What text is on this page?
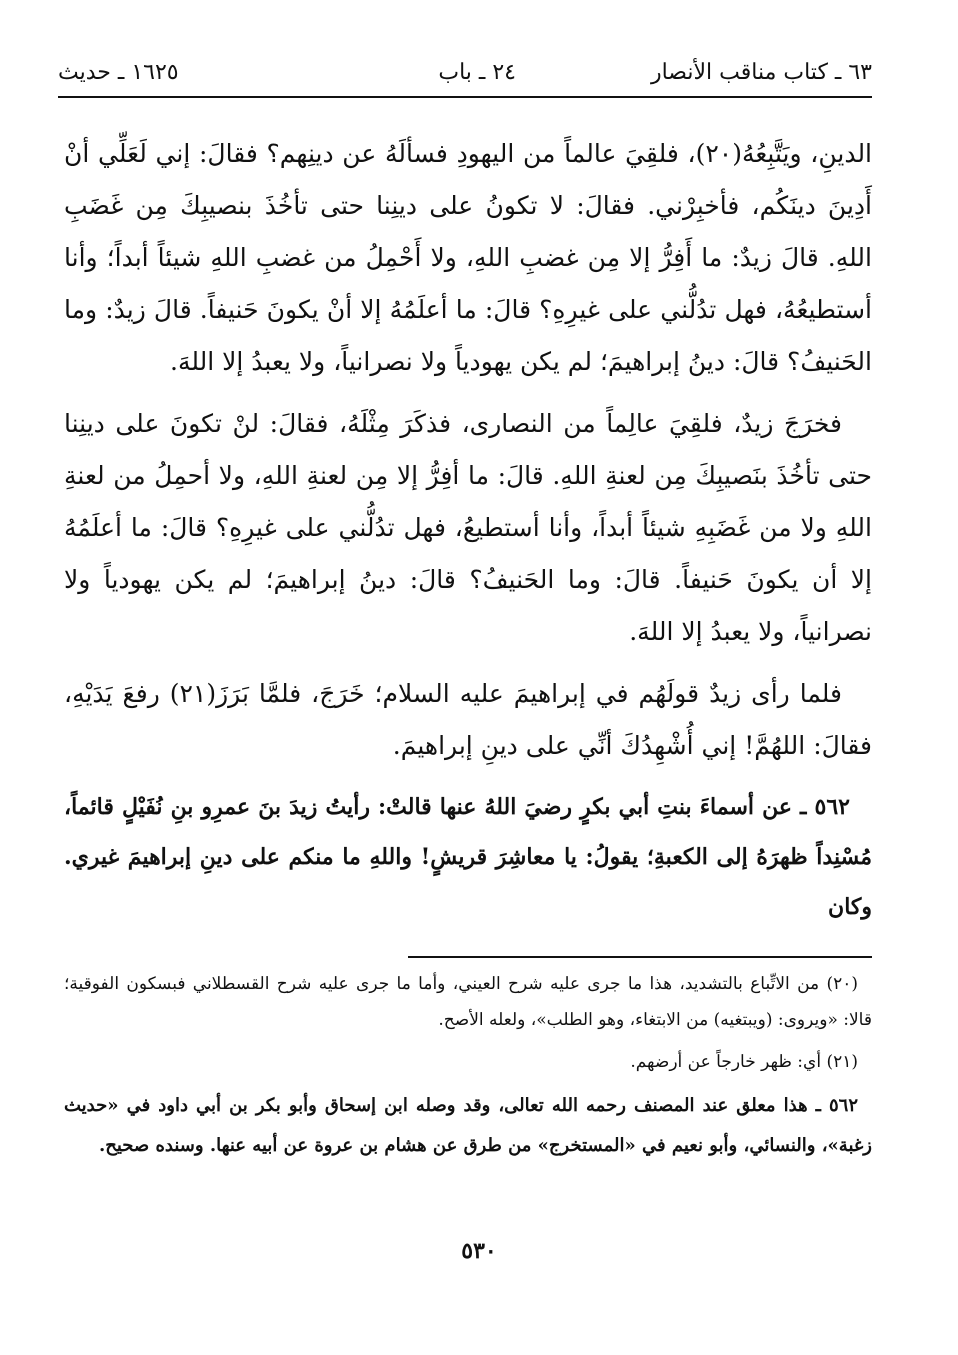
٦٣ ـ كتاب مناقب الأنصار
٢٤ ـ باب
١٦٢٥ ـ حديث

الدينِ، ويَتَّبِعُهُ(٢٠)، فلقِيَ عالماً من اليهودِ فسألَهُ عن دينِهم؟ فقالَ: إني لَعَلِّي أنْ أَدِينَ دينَكُم، فأخبِرْني. فقالَ: لا تكونُ على دينِنا حتى تأخُذَ بنصيبِكَ مِن غَضَبِ اللهِ. قالَ زيدٌ: ما أَفِرُّ إلا مِن غضبِ اللهِ، ولا أَحْمِلُ من غضبِ اللهِ شيئاً أبداً؛ وأنا أستطيعُهُ، فهل تدُلُّني على غيرِهِ؟ قالَ: ما أعلَمُهُ إلا أنْ يكونَ حَنيفاً. قالَ زيدٌ: وما الحَنيفُ؟ قالَ: دينُ إبراهيمَ؛ لم يكن يهودياً ولا نصرانياً، ولا يعبدُ إلا اللهَ.

فخرَجَ زيدٌ، فلقِيَ عالِماً من النصارى، فذكَرَ مِثْلَهُ، فقالَ: لنْ تكونَ على دينِنا حتى تأخُذَ بنَصيبِكَ مِن لعنةِ اللهِ. قالَ: ما أفِرُّ إلا مِن لعنةِ اللهِ، ولا أحمِلُ من لعنةِ اللهِ ولا من غَضَبِهِ شيئاً أبداً، وأنا أستطيعُ، فهل تدُلُّني على غيرِهِ؟ قالَ: ما أعلَمُهُ إلا أن يكونَ حَنيفاً. قالَ: وما الحَنيفُ؟ قالَ: دينُ إبراهيمَ؛ لم يكن يهودياً ولا نصرانياً، ولا يعبدُ إلا اللهَ.

فلما رأى زيدٌ قولَهُم في إبراهيمَ عليه السلام؛ خَرَجَ، فلمَّا بَرَزَ(٢١) رفعَ يَدَيْهِ، فقالَ: اللهُمَّ! إني أُشْهِدُكَ أنِّي على دينِ إبراهيمَ.

٥٦٢ ـ عن أسماءَ بنتِ أبي بكرٍ رضيَ اللهُ عنها قالتْ: رأيتُ زيدَ بنَ عمرِو بنِ نُفَيْلٍ قائماً، مُسْنِداً ظهرَهُ إلى الكعبةِ؛ يقولُ: يا معاشِرَ قريشٍ! واللهِ ما منكم على دينِ إبراهيمَ غيري. وكان

(٢٠) من الاتِّباع بالتشديد، هذا ما جرى عليه شرح العيني، وأما ما جرى عليه شرح القسطلاني فبسكون الفوقية؛ قالا: «ويروى: (ويبتغيه) من الابتغاء، وهو الطلب»، ولعله الأصح.

(٢١) أي: ظهر خارجاً عن أرضهم.

٥٦٢ ـ هذا معلق عند المصنف رحمه الله تعالى، وقد وصله ابن إسحاق وأبو بكر بن أبي داود في «حديث زغبة»، والنسائي، وأبو نعيم في «المستخرج» من طرق عن هشام بن عروة عن أبيه عنها. وسنده صحيح.

٥٣٠
